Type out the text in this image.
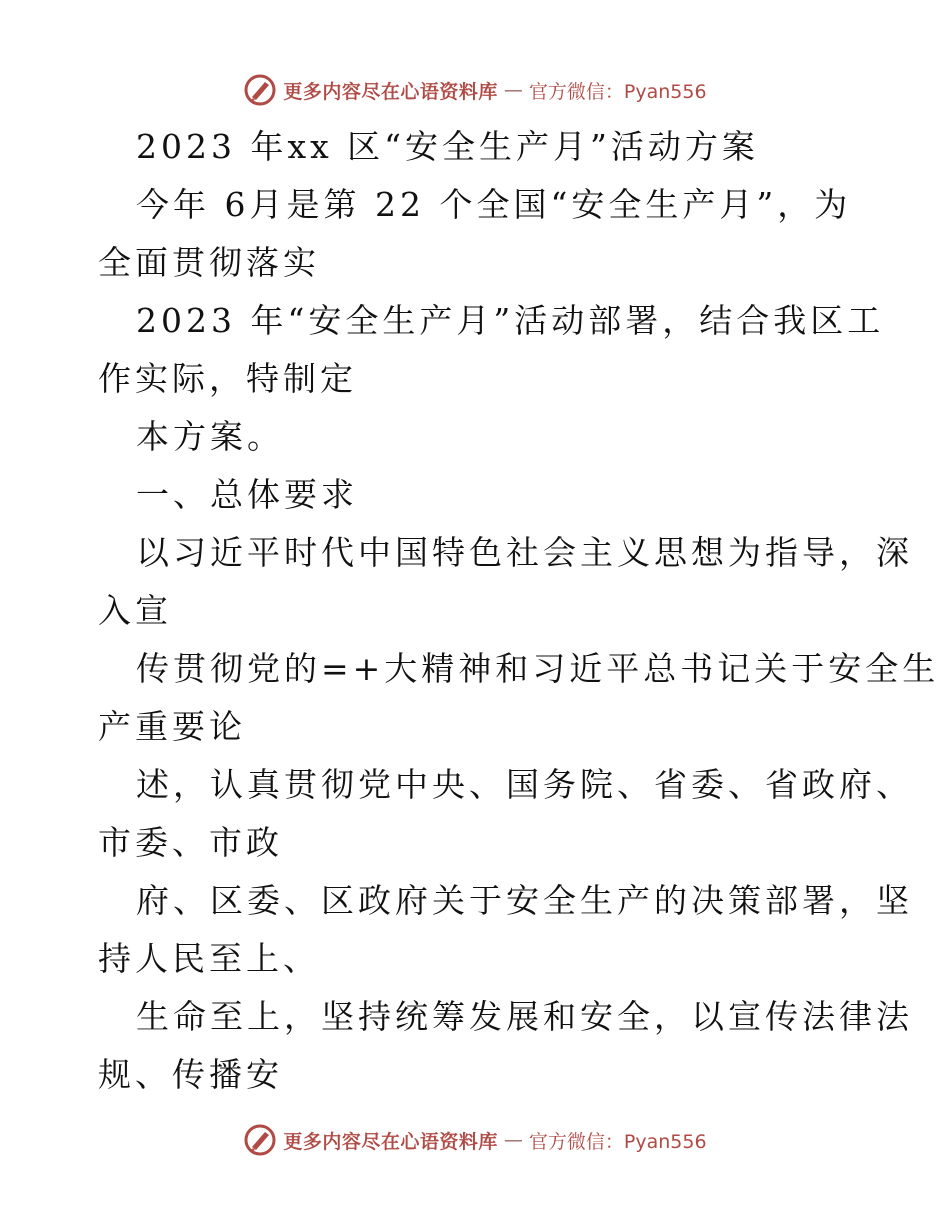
更多内容尽在心语资料库 — 官方微信：Pyan556

2023 年xx 区“安全生产月”活动方案

今年 6月是第 22 个全国“安全生产月”，为

全面贯彻落实

2023 年“安全生产月”活动部署，结合我区工

作实际，特制定

本方案。

一、总体要求

以习近平时代中国特色社会主义思想为指导，深

入宣

传贯彻党的=+大精神和习近平总书记关于安全生

产重要论

述，认真贯彻党中央、国务院、省委、省政府、

市委、市政

府、区委、区政府关于安全生产的决策部署，坚

持人民至上、

生命至上，坚持统筹发展和安全，以宣传法律法

规、传播安

更多内容尽在心语资料库 — 官方微信：Pyan556
